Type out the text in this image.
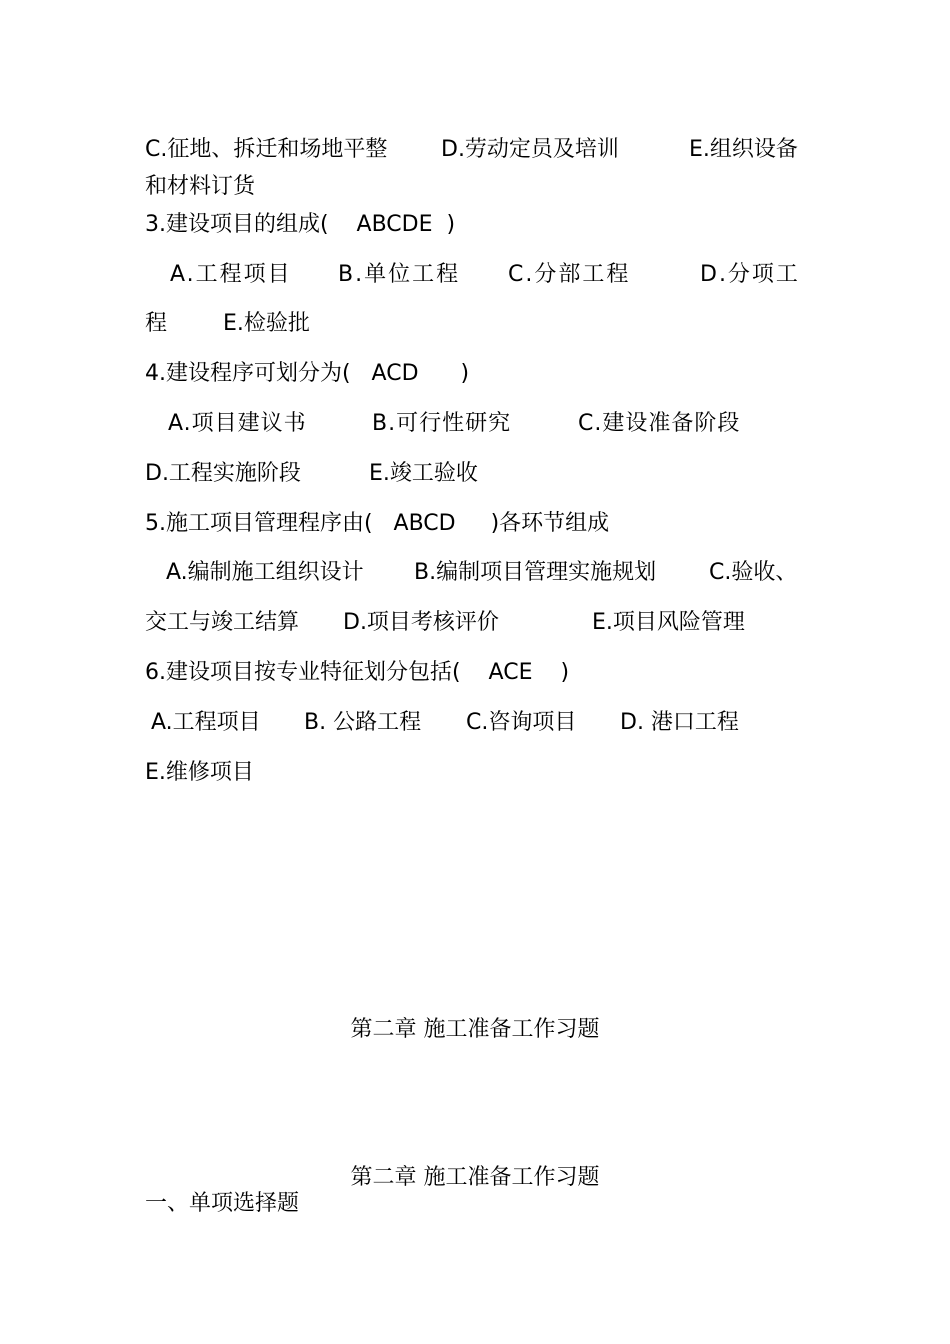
C.征地、拆迁和场地平整 D.劳动定员及培训	E.组织设备
和材料订货
3.建设项目的组成(    ABCDE  )
A.工程项目 B.单位工程 C.分部工程	D.分项工
程	E.检验批
4.建设程序可划分为(   ACD      )
A.项目建议书	B.可行性研究	C.建设准备阶段
D.工程实施阶段	E.竣工验收
5.施工项目管理程序由(   ABCD     )各环节组成
A.编制施工组织设计 B.编制项目管理实施规划 C.验收、
交工与竣工结算 D.项目考核评价	E.项目风险管理
6.建设项目按专业特征划分包括(    ACE    )
A.工程项目 B. 公路工程 C.咨询项目 D. 港口工程
E.维修项目
第二章 施工准备工作习题
第二章 施工准备工作习题
一、单项选择题
